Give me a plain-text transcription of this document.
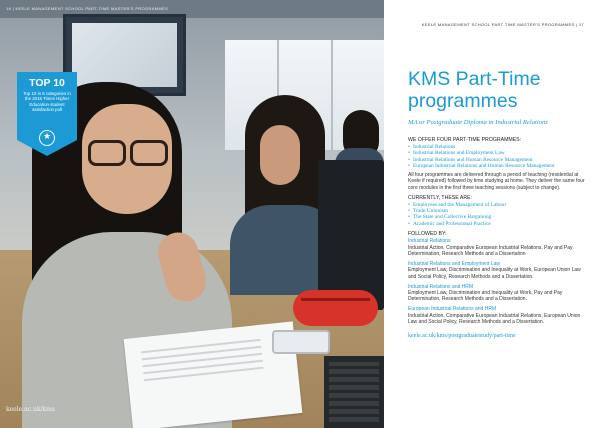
16 | KEELE MANAGEMENT SCHOOL PART-TIME MASTER'S PROGRAMMES
TOP 10
Top 10 in 6 categories in the 2015 Times Higher Education student satisfaction poll
★
keele.ac.uk/kms
KEELE MANAGEMENT SCHOOL PART-TIME MASTER'S PROGRAMMES | 17
KMS Part-Time programmes
MA or Postgraduate Diploma in Industrial Relations
WE OFFER FOUR PART-TIME PROGRAMMES:
• Industrial Relations
• Industrial Relations and Employment Law
• Industrial Relations and Human Resource Management
• European Industrial Relations and Human Resource Management

All four programmes are delivered through a period of teaching (residential at Keele if required) followed by time studying at home. They deliver the same four core modules in the first three teaching sessions (subject to change).

CURRENTLY, THESE ARE:
• Employees and the Management of Labour
• Trade Unionism
• The State and Collective Bargaining
• Academic and Professional Practice
FOLLOWED BY:
Industrial Relations
Industrial Action, Comparative European Industrial Relations, Pay and Pay Determination, Research Methods and a Dissertation
Industrial Relations and Employment Law
Employment Law, Discrimination and Inequality at Work, European Union Law and Social Policy, Research Methods and a Dissertation.
Industrial Relations and HRM
Employment Law, Discrimination and Inequality at Work, Pay and Pay Determination, Research Methods and a Dissertation.
European Industrial Relations and HRM
Industrial Action, Comparative European Industrial Relations, European Union Law and Social Policy, Research Methods and a Dissertation.
keele.ac.uk/kms/postgraduatestudy/part-time
